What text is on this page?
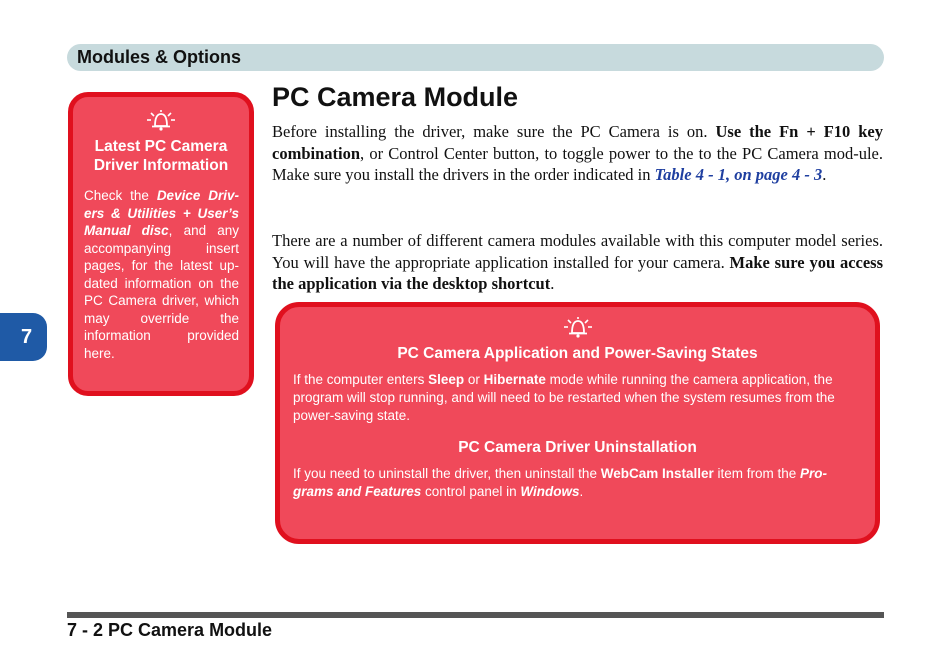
Modules & Options
7
Latest PC Camera Driver Information
Check the Device Driv-ers & Utilities + User’s Manual disc, and any accompanying insert pages, for the latest up-dated information on the PC Camera driver, which may override the information provided here.
PC Camera Module

Before installing the driver, make sure the PC Camera is on. Use the Fn + F10 key combination, or Control Center button, to toggle power to the to the PC Camera mod-ule. Make sure you install the drivers in the order indicated in Table 4 - 1, on page 4 - 3.

There are a number of different camera modules available with this computer model series. You will have the appropriate application installed for your camera. Make sure you access the application via the desktop shortcut.

PC Camera Application and Power-Saving States
If the computer enters Sleep or Hibernate mode while running the camera application, the program will stop running, and will need to be restarted when the system resumes from the power-saving state.
PC Camera Driver Uninstallation
If you need to uninstall the driver, then uninstall the WebCam Installer item from the Pro-grams and Features control panel in Windows.
7 - 2 PC Camera Module
